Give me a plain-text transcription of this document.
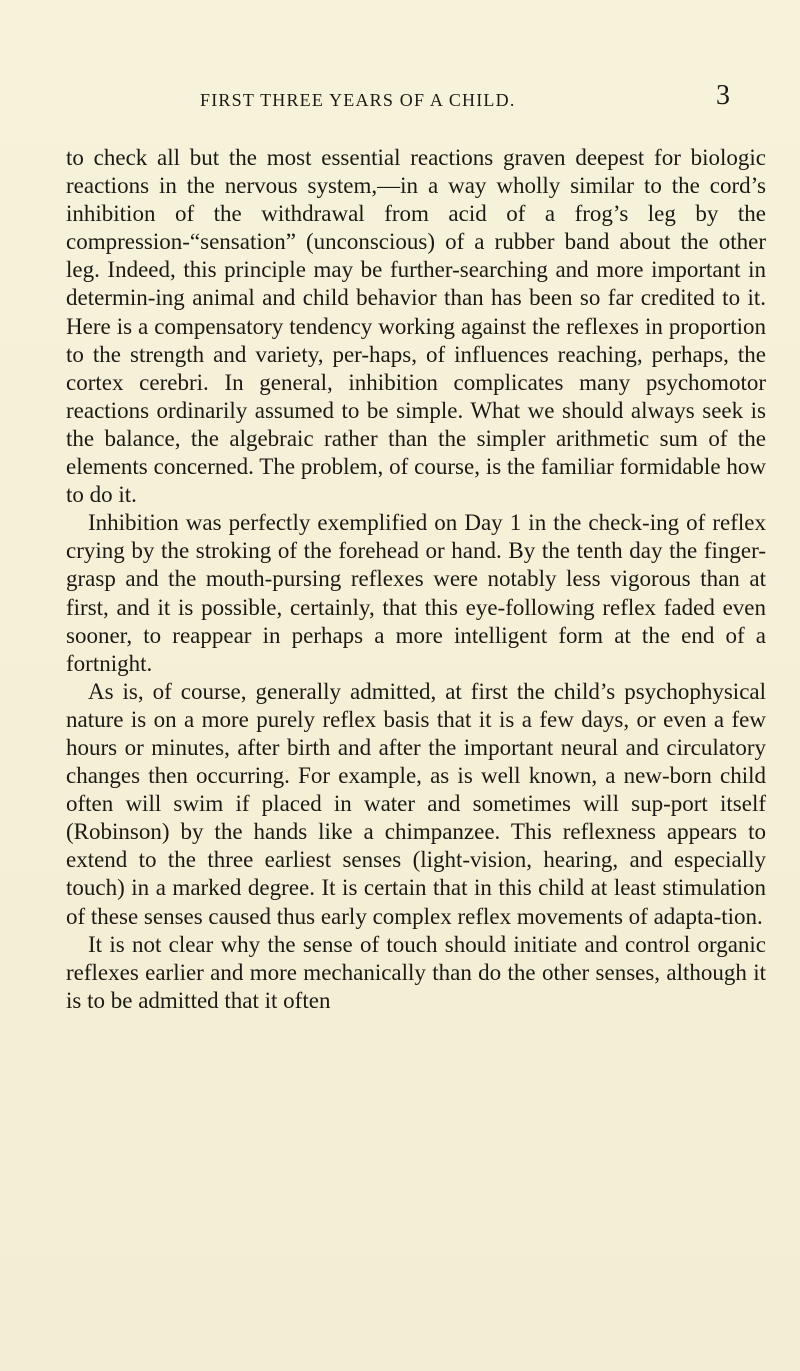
FIRST THREE YEARS OF A CHILD.	3

to check all but the most essential reactions graven deepest for biologic reactions in the nervous system,—in a way wholly similar to the cord’s inhibition of the withdrawal from acid of a frog’s leg by the compression-“sensation” (unconscious) of a rubber band about the other leg. Indeed, this principle may be further-searching and more important in determin-ing animal and child behavior than has been so far credited to it. Here is a compensatory tendency working against the reflexes in proportion to the strength and variety, per-haps, of influences reaching, perhaps, the cortex cerebri. In general, inhibition complicates many psychomotor reactions ordinarily assumed to be simple. What we should always seek is the balance, the algebraic rather than the simpler arithmetic sum of the elements concerned. The problem, of course, is the familiar formidable how to do it.

Inhibition was perfectly exemplified on Day 1 in the check-ing of reflex crying by the stroking of the forehead or hand. By the tenth day the finger-grasp and the mouth-pursing reflexes were notably less vigorous than at first, and it is possible, certainly, that this eye-following reflex faded even sooner, to reappear in perhaps a more intelligent form at the end of a fortnight.

As is, of course, generally admitted, at first the child’s psychophysical nature is on a more purely reflex basis that it is a few days, or even a few hours or minutes, after birth and after the important neural and circulatory changes then occurring. For example, as is well known, a new-born child often will swim if placed in water and sometimes will sup-port itself (Robinson) by the hands like a chimpanzee. This reflexness appears to extend to the three earliest senses (light-vision, hearing, and especially touch) in a marked degree. It is certain that in this child at least stimulation of these senses caused thus early complex reflex movements of adapta-tion.

It is not clear why the sense of touch should initiate and control organic reflexes earlier and more mechanically than do the other senses, although it is to be admitted that it often
